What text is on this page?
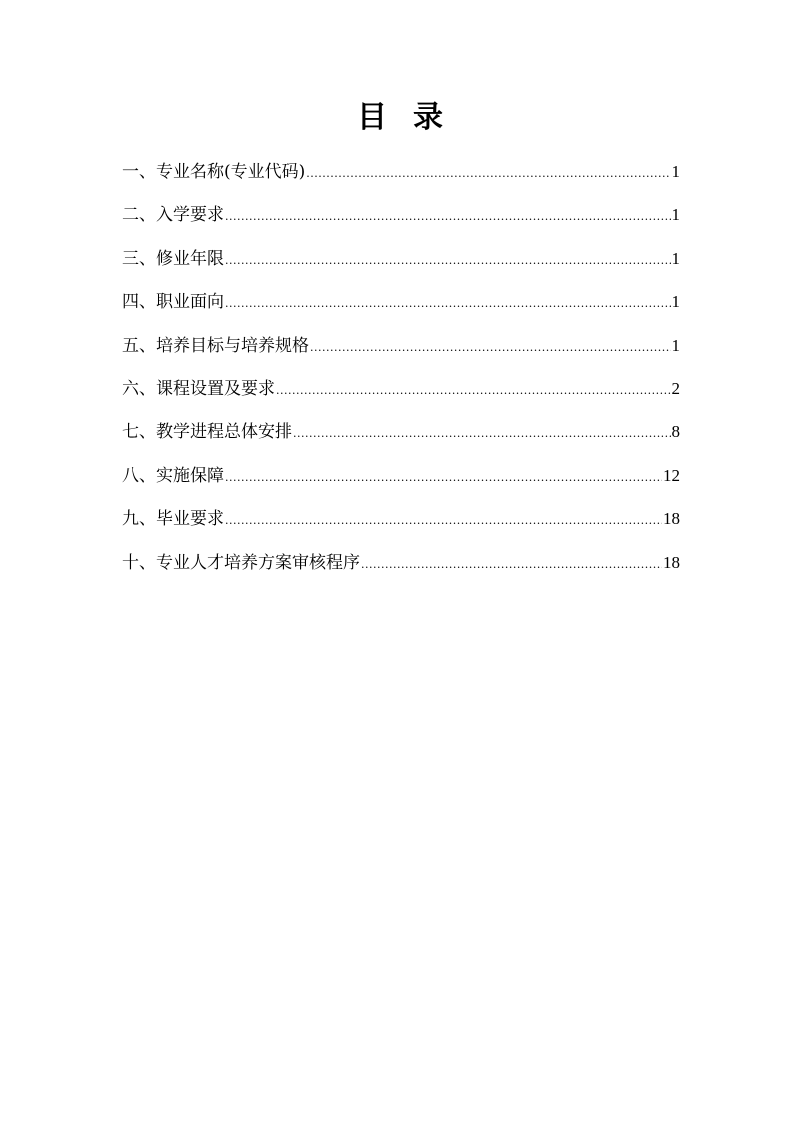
目 录
一、专业名称(专业代码) .....	1
二、入学要求 .....	1
三、修业年限 .....	1
四、职业面向 .....	1
五、培养目标与培养规格 .....	1
六、课程设置及要求 .....	2
七、教学进程总体安排 .....	8
八、实施保障 .....	12
九、毕业要求 .....	18
十、专业人才培养方案审核程序 .....	18
